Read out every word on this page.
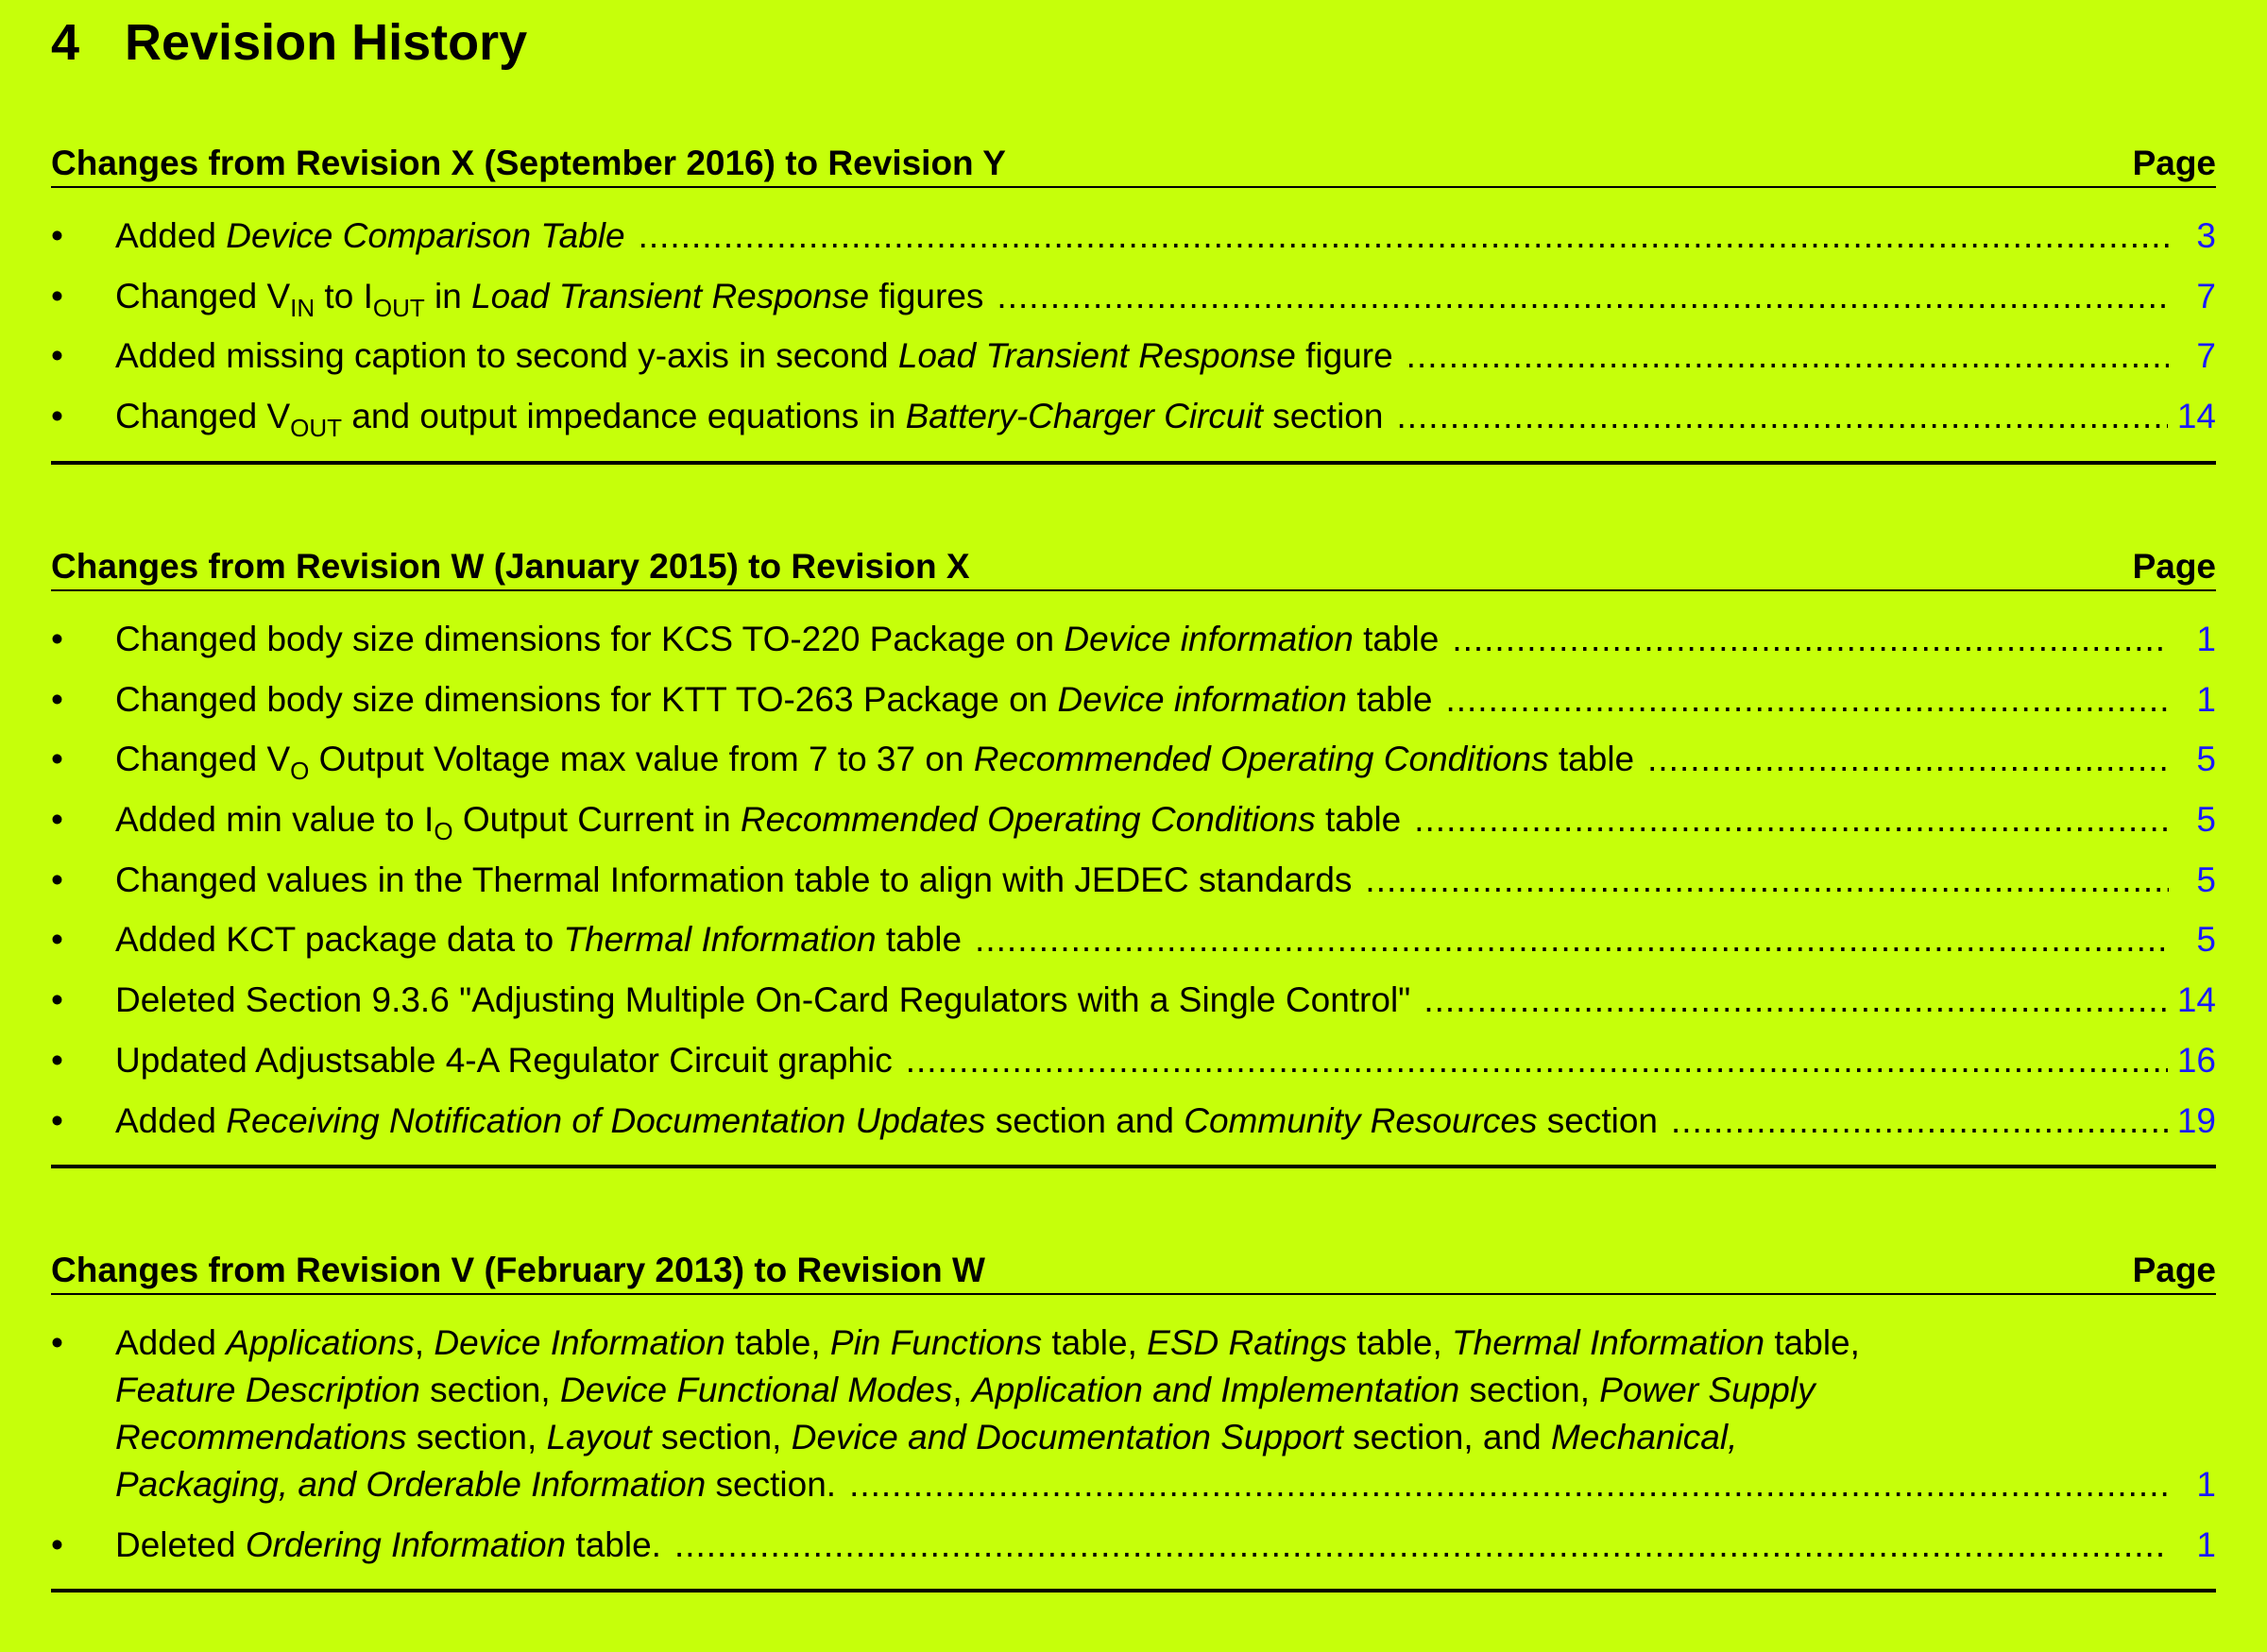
4 Revision History
Changes from Revision X (September 2016) to Revision Y	Page
• Added Device Comparison Table .....	3
• Changed $V_{IN}$ to $I_{OUT}$ in Load Transient Response figures .....	7
• Added missing caption to second y-axis in second Load Transient Response figure .....	7
• Changed $V_{OUT}$ and output impedance equations in Battery-Charger Circuit section .....	14
Changes from Revision W (January 2015) to Revision X	Page
• Changed body size dimensions for KCS TO-220 Package on Device information table .....	1
• Changed body size dimensions for KTT TO-263 Package on Device information table .....	1
• Changed $V_O$ Output Voltage max value from 7 to 37 on Recommended Operating Conditions table .....	5
• Added min value to $I_O$ Output Current in Recommended Operating Conditions table .....	5
• Changed values in the Thermal Information table to align with JEDEC standards .....	5
• Added KCT package data to Thermal Information table .....	5
• Deleted Section 9.3.6 "Adjusting Multiple On-Card Regulators with a Single Control" .....	14
• Updated Adjustsable 4-A Regulator Circuit graphic .....	16
• Added Receiving Notification of Documentation Updates section and Community Resources section .....	19
Changes from Revision V (February 2013) to Revision W	Page
•	Added Applications, Device Information table, Pin Functions table, ESD Ratings table, Thermal Information table,
Feature Description section, Device Functional Modes, Application and Implementation section, Power Supply
Recommendations section, Layout section, Device and Documentation Support section, and Mechanical,
Packaging, and Orderable Information section. .....	1
• Deleted Ordering Information table. .....	1
